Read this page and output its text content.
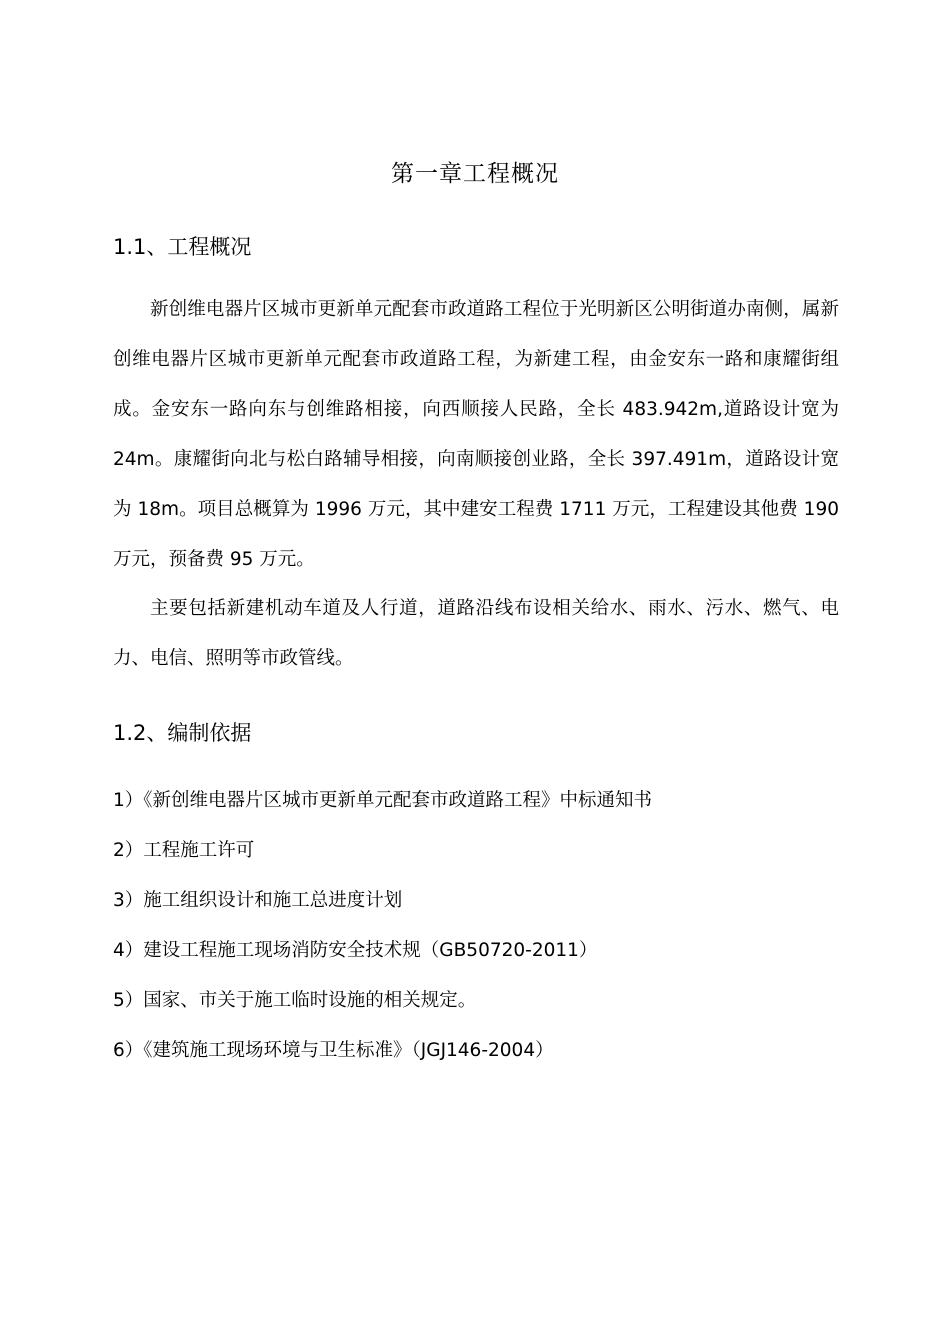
第一章工程概况
1.1、工程概况

新创维电器片区城市更新单元配套市政道路工程位于光明新区公明街道办南侧，属新创维电器片区城市更新单元配套市政道路工程，为新建工程，由金安东一路和康耀街组成。金安东一路向东与创维路相接，向西顺接人民路，全长 483.942m,道路设计宽为 24m。康耀街向北与松白路辅导相接，向南顺接创业路，全长 397.491m，道路设计宽为 18m。项目总概算为 1996 万元，其中建安工程费 1711 万元，工程建设其他费 190 万元，预备费 95 万元。

主要包括新建机动车道及人行道，道路沿线布设相关给水、雨水、污水、燃气、电力、电信、照明等市政管线。

1.2、编制依据
1）《新创维电器片区城市更新单元配套市政道路工程》中标通知书
2）工程施工许可
3）施工组织设计和施工总进度计划
4）建设工程施工现场消防安全技术规（GB50720-2011）
5）国家、市关于施工临时设施的相关规定。
6）《建筑施工现场环境与卫生标准》（JGJ146-2004）
